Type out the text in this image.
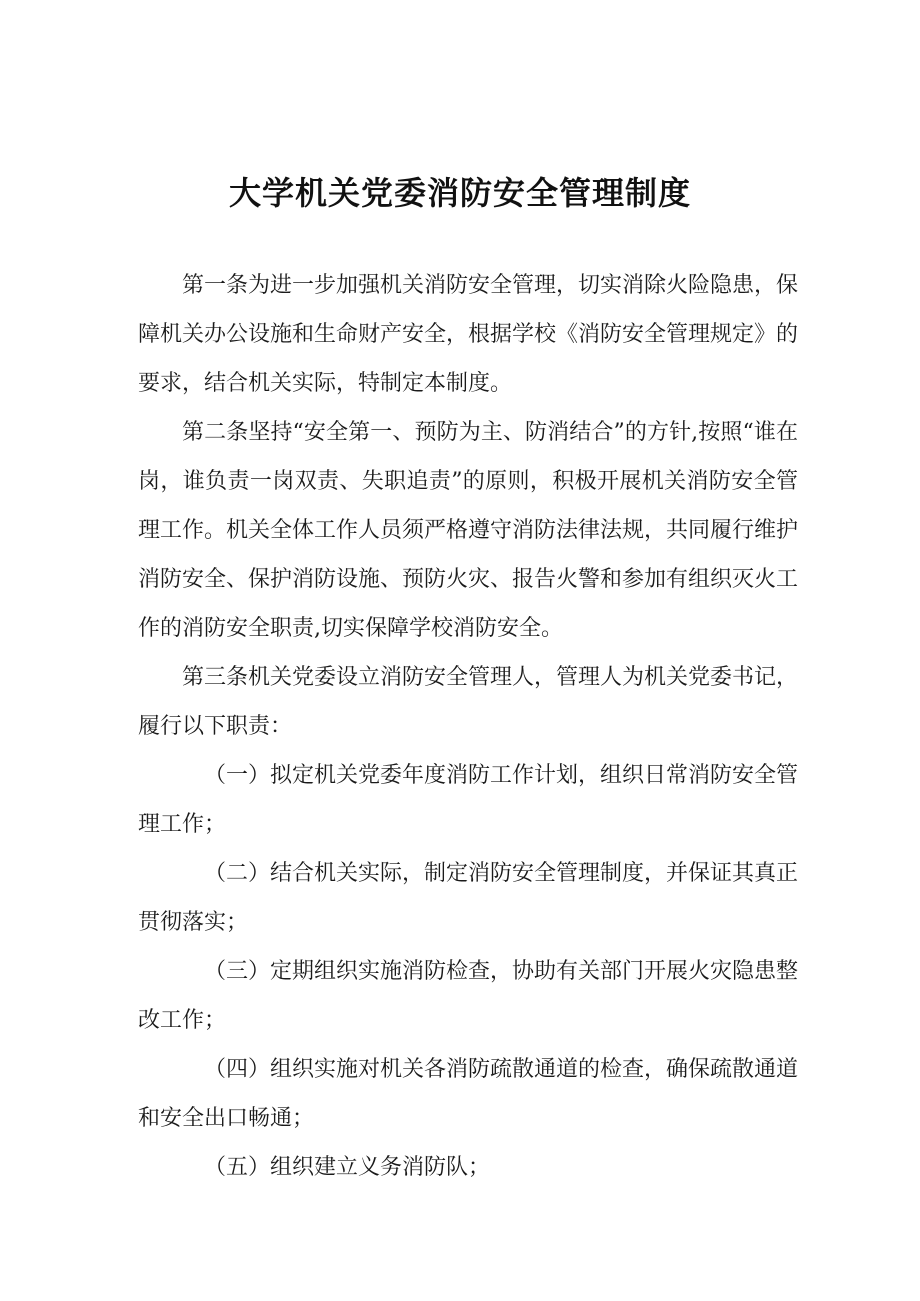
大学机关党委消防安全管理制度

第一条为进一步加强机关消防安全管理，切实消除火险隐患，保障机关办公设施和生命财产安全，根据学校《消防安全管理规定》的要求，结合机关实际，特制定本制度。

第二条坚持“安全第一、预防为主、防消结合”的方针,按照“谁在岗，谁负责一岗双责、失职追责”的原则，积极开展机关消防安全管理工作。机关全体工作人员须严格遵守消防法律法规，共同履行维护消防安全、保护消防设施、预防火灾、报告火警和参加有组织灭火工作的消防安全职责,切实保障学校消防安全。

第三条机关党委设立消防安全管理人，管理人为机关党委书记，履行以下职责：

（一）拟定机关党委年度消防工作计划，组织日常消防安全管理工作；

（二）结合机关实际，制定消防安全管理制度，并保证其真正贯彻落实；

（三）定期组织实施消防检查，协助有关部门开展火灾隐患整改工作；

（四）组织实施对机关各消防疏散通道的检查，确保疏散通道和安全出口畅通；

（五）组织建立义务消防队；
